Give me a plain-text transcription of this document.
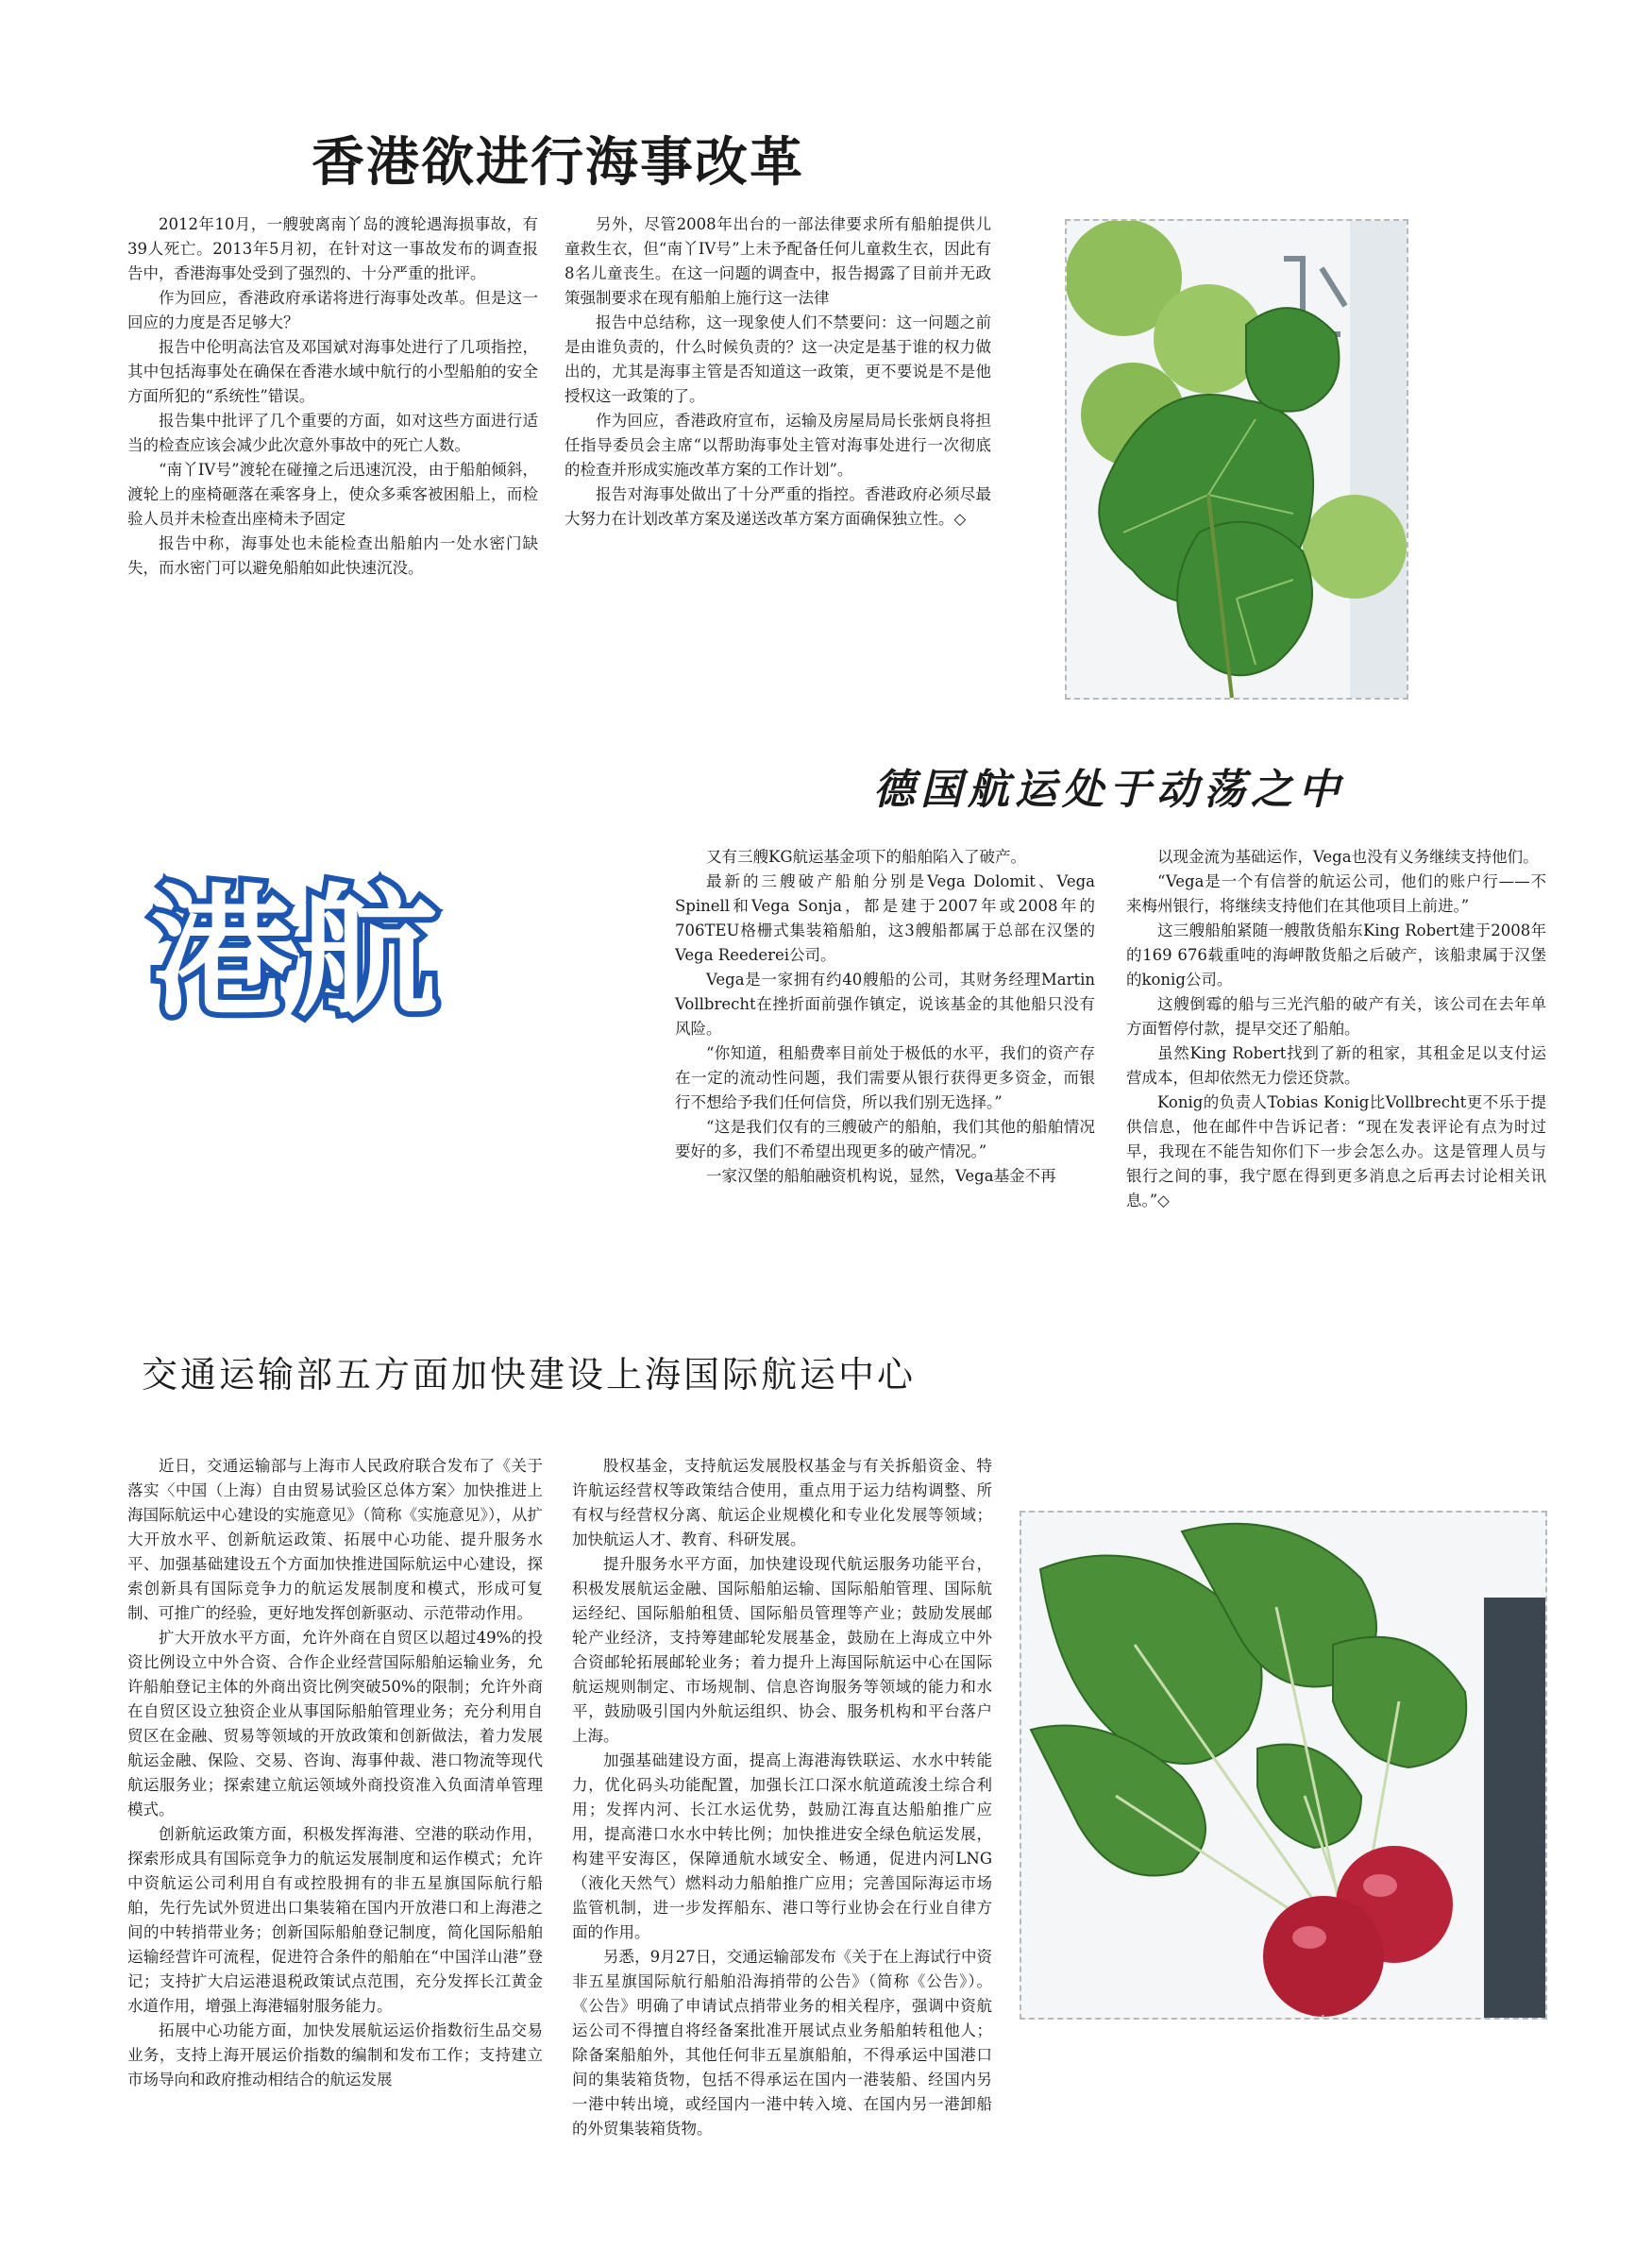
香港欲进行海事改革

2012年10月，一艘驶离南丫岛的渡轮遇海损事故，有39人死亡。2013年5月初，在针对这一事故发布的调查报告中，香港海事处受到了强烈的、十分严重的批评。

作为回应，香港政府承诺将进行海事处改革。但是这一回应的力度是否足够大？

报告中伦明高法官及邓国斌对海事处进行了几项指控，其中包括海事处在确保在香港水域中航行的小型船舶的安全方面所犯的“系统性”错误。

报告集中批评了几个重要的方面，如对这些方面进行适当的检查应该会减少此次意外事故中的死亡人数。

“南丫IV号”渡轮在碰撞之后迅速沉没，由于船舶倾斜，渡轮上的座椅砸落在乘客身上，使众多乘客被困船上，而检验人员并未检查出座椅未予固定

报告中称，海事处也未能检查出船舶内一处水密门缺失，而水密门可以避免船舶如此快速沉没。

另外，尽管2008年出台的一部法律要求所有船舶提供儿童救生衣，但“南丫IV号”上未予配备任何儿童救生衣，因此有8名儿童丧生。在这一问题的调查中，报告揭露了目前并无政策强制要求在现有船舶上施行这一法律

报告中总结称，这一现象使人们不禁要问：这一问题之前是由谁负责的，什么时候负责的？这一决定是基于谁的权力做出的，尤其是海事主管是否知道这一政策，更不要说是不是他授权这一政策的了。

作为回应，香港政府宣布，运输及房屋局局长张炳良将担任指导委员会主席“以帮助海事处主管对海事处进行一次彻底的检查并形成实施改革方案的工作计划”。

报告对海事处做出了十分严重的指控。香港政府必须尽最大努力在计划改革方案及递送改革方案方面确保独立性。◇

德国航运处于动荡之中
港航

又有三艘KG航运基金项下的船舶陷入了破产。

最新的三艘破产船舶分别是Vega Dolomit、Vega Spinell和Vega Sonja，都是建于2007年或2008年的706TEU格栅式集装箱船舶，这3艘船都属于总部在汉堡的Vega Reederei公司。

Vega是一家拥有约40艘船的公司，其财务经理Martin Vollbrecht在挫折面前强作镇定，说该基金的其他船只没有风险。

“你知道，租船费率目前处于极低的水平，我们的资产存在一定的流动性问题，我们需要从银行获得更多资金，而银行不想给予我们任何信贷，所以我们别无选择。”

“这是我们仅有的三艘破产的船舶，我们其他的船舶情况要好的多，我们不希望出现更多的破产情况。”

一家汉堡的船舶融资机构说，显然，Vega基金不再

以现金流为基础运作，Vega也没有义务继续支持他们。

“Vega是一个有信誉的航运公司，他们的账户行——不来梅州银行，将继续支持他们在其他项目上前进。”

这三艘船舶紧随一艘散货船东King Robert建于2008年的169 676载重吨的海岬散货船之后破产，该船隶属于汉堡的konig公司。

这艘倒霉的船与三光汽船的破产有关，该公司在去年单方面暂停付款，提早交还了船舶。

虽然King Robert找到了新的租家，其租金足以支付运营成本，但却依然无力偿还贷款。

Konig的负责人Tobias Konig比Vollbrecht更不乐于提供信息，他在邮件中告诉记者：“现在发表评论有点为时过早，我现在不能告知你们下一步会怎么办。这是管理人员与银行之间的事，我宁愿在得到更多消息之后再去讨论相关讯息。”◇

交通运输部五方面加快建设上海国际航运中心

近日，交通运输部与上海市人民政府联合发布了《关于落实〈中国（上海）自由贸易试验区总体方案〉加快推进上海国际航运中心建设的实施意见》（简称《实施意见》），从扩大开放水平、创新航运政策、拓展中心功能、提升服务水平、加强基础建设五个方面加快推进国际航运中心建设，探索创新具有国际竞争力的航运发展制度和模式，形成可复制、可推广的经验，更好地发挥创新驱动、示范带动作用。

扩大开放水平方面，允许外商在自贸区以超过49%的投资比例设立中外合资、合作企业经营国际船舶运输业务，允许船舶登记主体的外商出资比例突破50%的限制；允许外商在自贸区设立独资企业从事国际船舶管理业务；充分利用自贸区在金融、贸易等领域的开放政策和创新做法，着力发展航运金融、保险、交易、咨询、海事仲裁、港口物流等现代航运服务业；探索建立航运领域外商投资准入负面清单管理模式。

创新航运政策方面，积极发挥海港、空港的联动作用，探索形成具有国际竞争力的航运发展制度和运作模式；允许中资航运公司利用自有或控股拥有的非五星旗国际航行船舶，先行先试外贸进出口集装箱在国内开放港口和上海港之间的中转捎带业务；创新国际船舶登记制度，简化国际船舶运输经营许可流程，促进符合条件的船舶在“中国洋山港”登记；支持扩大启运港退税政策试点范围，充分发挥长江黄金水道作用，增强上海港辐射服务能力。

拓展中心功能方面，加快发展航运运价指数衍生品交易业务，支持上海开展运价指数的编制和发布工作；支持建立市场导向和政府推动相结合的航运发展

股权基金，支持航运发展股权基金与有关拆船资金、特许航运经营权等政策结合使用，重点用于运力结构调整、所有权与经营权分离、航运企业规模化和专业化发展等领域；加快航运人才、教育、科研发展。

提升服务水平方面，加快建设现代航运服务功能平台，积极发展航运金融、国际船舶运输、国际船舶管理、国际航运经纪、国际船舶租赁、国际船员管理等产业；鼓励发展邮轮产业经济，支持筹建邮轮发展基金，鼓励在上海成立中外合资邮轮拓展邮轮业务；着力提升上海国际航运中心在国际航运规则制定、市场规制、信息咨询服务等领域的能力和水平，鼓励吸引国内外航运组织、协会、服务机构和平台落户上海。

加强基础建设方面，提高上海港海铁联运、水水中转能力，优化码头功能配置，加强长江口深水航道疏浚土综合利用；发挥内河、长江水运优势，鼓励江海直达船舶推广应用，提高港口水水中转比例；加快推进安全绿色航运发展，构建平安海区，保障通航水域安全、畅通，促进内河LNG（液化天然气）燃料动力船舶推广应用；完善国际海运市场监管机制，进一步发挥船东、港口等行业协会在行业自律方面的作用。

另悉，9月27日，交通运输部发布《关于在上海试行中资非五星旗国际航行船舶沿海捎带的公告》（简称《公告》）。《公告》明确了申请试点捎带业务的相关程序，强调中资航运公司不得擅自将经备案批准开展试点业务船舶转租他人；除备案船舶外，其他任何非五星旗船舶，不得承运中国港口间的集装箱货物，包括不得承运在国内一港装船、经国内另一港中转出境，或经国内一港中转入境、在国内另一港卸船的外贸集装箱货物。
